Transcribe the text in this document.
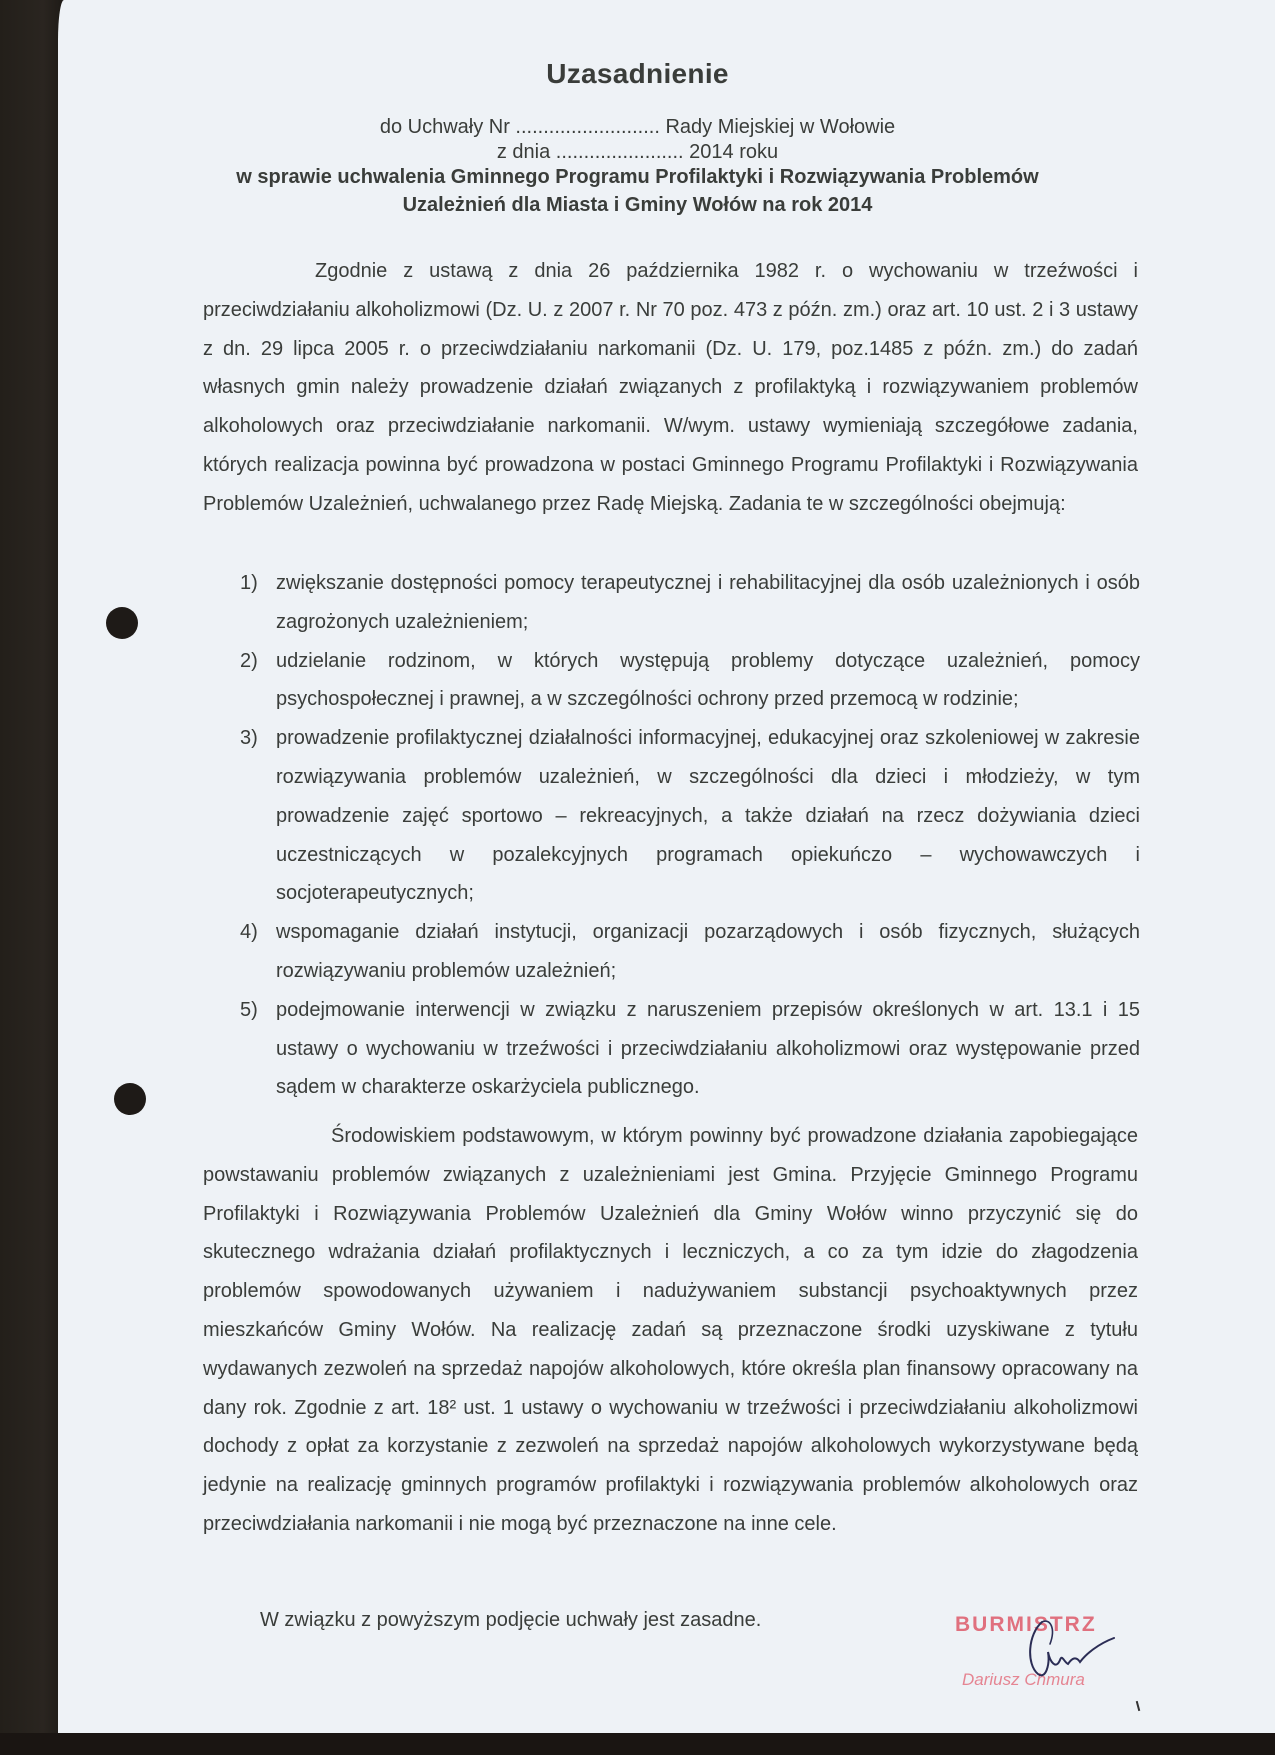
Uzasadnienie
do Uchwały Nr .......................... Rady Miejskiej w Wołowie
z dnia ....................... 2014 roku
w sprawie uchwalenia Gminnego Programu Profilaktyki i Rozwiązywania Problemów
Uzależnień dla Miasta i Gminy Wołów na rok 2014
Zgodnie z ustawą z dnia 26 października 1982 r. o wychowaniu w trzeźwości i przeciwdziałaniu alkoholizmowi (Dz. U. z 2007 r. Nr 70 poz. 473 z późn. zm.) oraz art. 10 ust. 2 i 3 ustawy z dn. 29 lipca 2005 r. o przeciwdziałaniu narkomanii (Dz. U. 179, poz.1485 z późn. zm.) do zadań własnych gmin należy prowadzenie działań związanych z profilaktyką i rozwiązywaniem problemów alkoholowych oraz przeciwdziałanie narkomanii. W/wym. ustawy wymieniają szczegółowe zadania, których realizacja powinna być prowadzona w postaci Gminnego Programu Profilaktyki i Rozwiązywania Problemów Uzależnień, uchwalanego przez Radę Miejską. Zadania te w szczególności obejmują:
1) zwiększanie dostępności pomocy terapeutycznej i rehabilitacyjnej dla osób uzależnionych i osób zagrożonych uzależnieniem;
2) udzielanie rodzinom, w których występują problemy dotyczące uzależnień, pomocy psychospołecznej i prawnej, a w szczególności ochrony przed przemocą w rodzinie;
3) prowadzenie profilaktycznej działalności informacyjnej, edukacyjnej oraz szkoleniowej w zakresie rozwiązywania problemów uzależnień, w szczególności dla dzieci i młodzieży, w tym prowadzenie zajęć sportowo – rekreacyjnych, a także działań na rzecz dożywiania dzieci uczestniczących w pozalekcyjnych programach opiekuńczo – wychowawczych i socjoterapeutycznych;
4) wspomaganie działań instytucji, organizacji pozarządowych i osób fizycznych, służących rozwiązywaniu problemów uzależnień;
5) podejmowanie interwencji w związku z naruszeniem przepisów określonych w art. 13.1 i 15 ustawy o wychowaniu w trzeźwości i przeciwdziałaniu alkoholizmowi oraz występowanie przed sądem w charakterze oskarżyciela publicznego.
Środowiskiem podstawowym, w którym powinny być prowadzone działania zapobiegające powstawaniu problemów związanych z uzależnieniami jest Gmina. Przyjęcie Gminnego Programu Profilaktyki i Rozwiązywania Problemów Uzależnień dla Gminy Wołów winno przyczynić się do skutecznego wdrażania działań profilaktycznych i leczniczych, a co za tym idzie do złagodzenia problemów spowodowanych używaniem i nadużywaniem substancji psychoaktywnych przez mieszkańców Gminy Wołów. Na realizację zadań są przeznaczone środki uzyskiwane z tytułu wydawanych zezwoleń na sprzedaż napojów alkoholowych, które określa plan finansowy opracowany na dany rok. Zgodnie z art. 18² ust. 1 ustawy o wychowaniu w trzeźwości i przeciwdziałaniu alkoholizmowi dochody z opłat za korzystanie z zezwoleń na sprzedaż napojów alkoholowych wykorzystywane będą jedynie na realizację gminnych programów profilaktyki i rozwiązywania problemów alkoholowych oraz przeciwdziałania narkomanii i nie mogą być przeznaczone na inne cele.
W związku z powyższym podjęcie uchwały jest zasadne.	BURMISTRZ
Dariusz Chmura
